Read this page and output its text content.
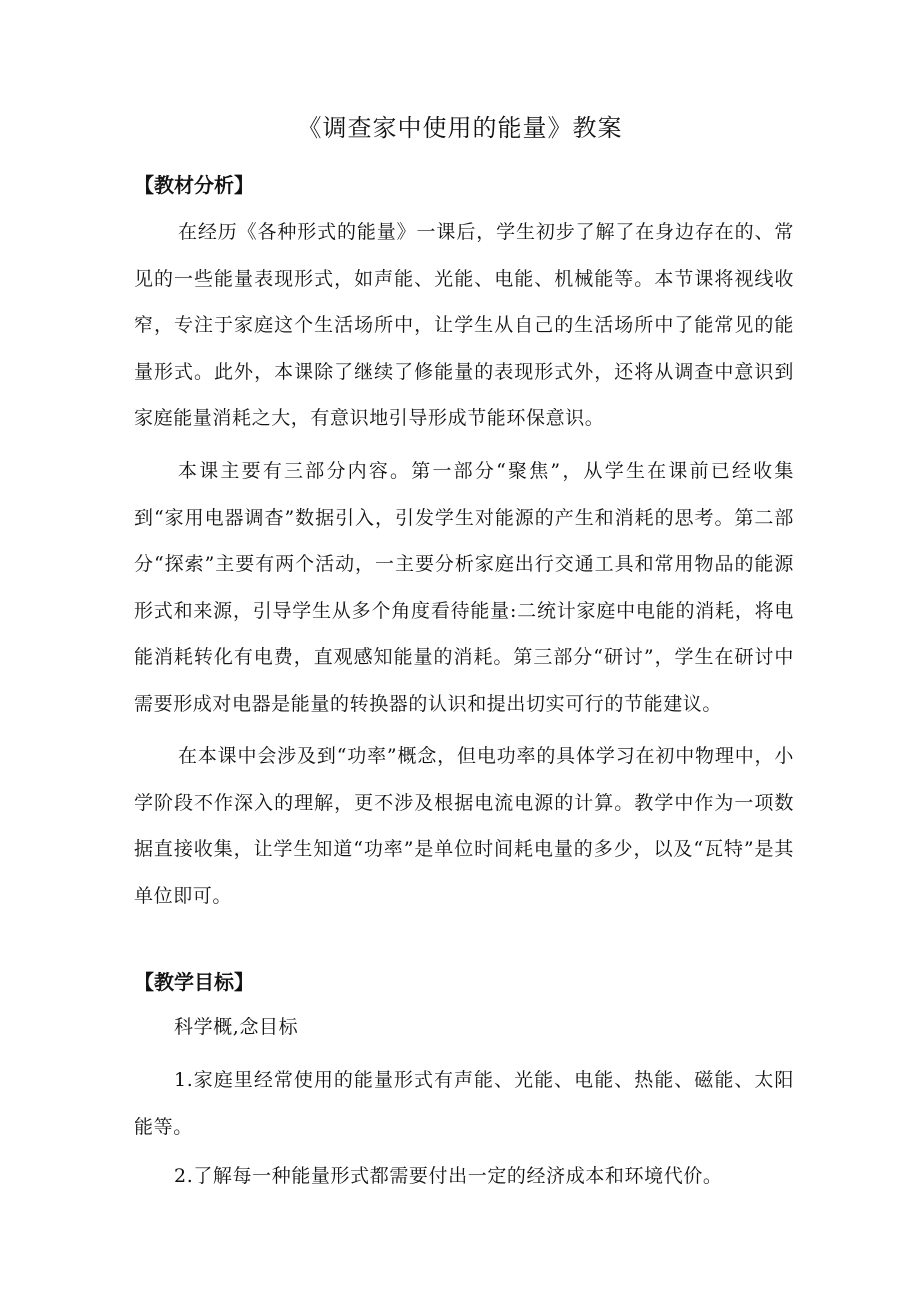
《调查家中使用的能量》教案
【教材分析】

在经历《各种形式的能量》一课后，学生初步了解了在身边存在的、常见的一些能量表现形式，如声能、光能、电能、机械能等。本节课将视线收窄，专注于家庭这个生活场所中，让学生从自己的生活场所中了能常见的能量形式。此外，本课除了继续了修能量的表现形式外，还将从调查中意识到家庭能量消耗之大，有意识地引导形成节能环保意识。

本课主要有三部分内容。第一部分“聚焦”，从学生在课前已经收集到“家用电器调杳”数据引入，引发学生对能源的产生和消耗的思考。第二部分“探索”主要有两个活动，一主要分析家庭出行交通工具和常用物品的能源形式和来源，引导学生从多个角度看待能量:二统计家庭中电能的消耗，将电能消耗转化有电费，直观感知能量的消耗。第三部分“研讨”，学生在研讨中需要形成对电器是能量的转换器的认识和提出切实可行的节能建议。

在本课中会涉及到“功率”概念，但电功率的具体学习在初中物理中，小学阶段不作深入的理解，更不涉及根据电流电源的计算。教学中作为一项数据直接收集，让学生知道“功率”是单位时间耗电量的多少，以及“瓦特”是其单位即可。

【教学目标】

科学概,念目标

1.家庭里经常使用的能量形式有声能、光能、电能、热能、磁能、太阳能等。

2.了解每一种能量形式都需要付出一定的经济成本和环境代价。
